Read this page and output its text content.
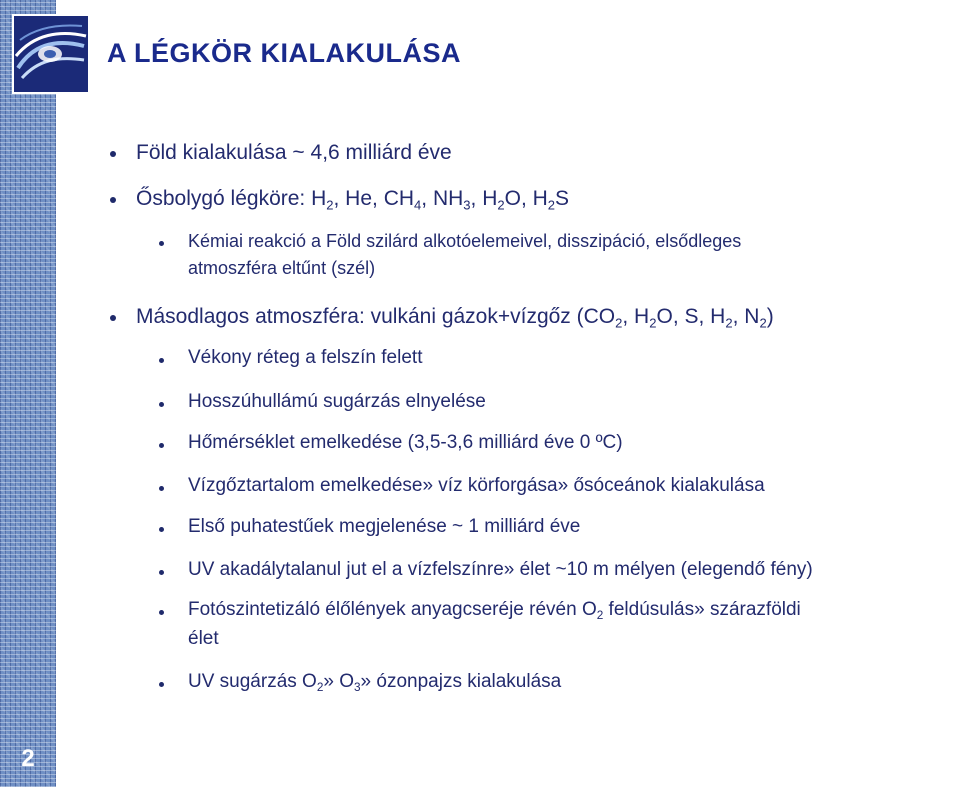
2
A LÉGKÖR KIALAKULÁSA
Föld kialakulása ~ 4,6 milliárd éve
Ősbolygó légköre: $H_2$, He, $CH_4$, $NH_3$, $H_2O$, $H_2S$
Kémiai reakció a Föld szilárd alkotóelemeivel, disszipáció, elsődleges
atmoszféra eltűnt (szél)
Másodlagos atmoszféra: vulkáni gázok+vízgőz ($CO_2$, $H_2O$, S, $H_2$, $N_2$)
Vékony réteg a felszín felett
Hosszúhullámú sugárzás elnyelése
Hőmérséklet emelkedése (3,5-3,6 milliárd éve 0 ºC)
Vízgőztartalom emelkedése» víz körforgása» ősóceánok kialakulása
Első puhatestűek megjelenése ~ 1 milliárd éve
UV akadálytalanul jut el a vízfelszínre» élet ~10 m mélyen (elegendő fény)
Fotószintetizáló élőlények anyagcseréje révén $O_2$ feldúsulás» szárazföldi
élet
UV sugárzás $O_2$» $O_3$» ózonpajzs kialakulása
